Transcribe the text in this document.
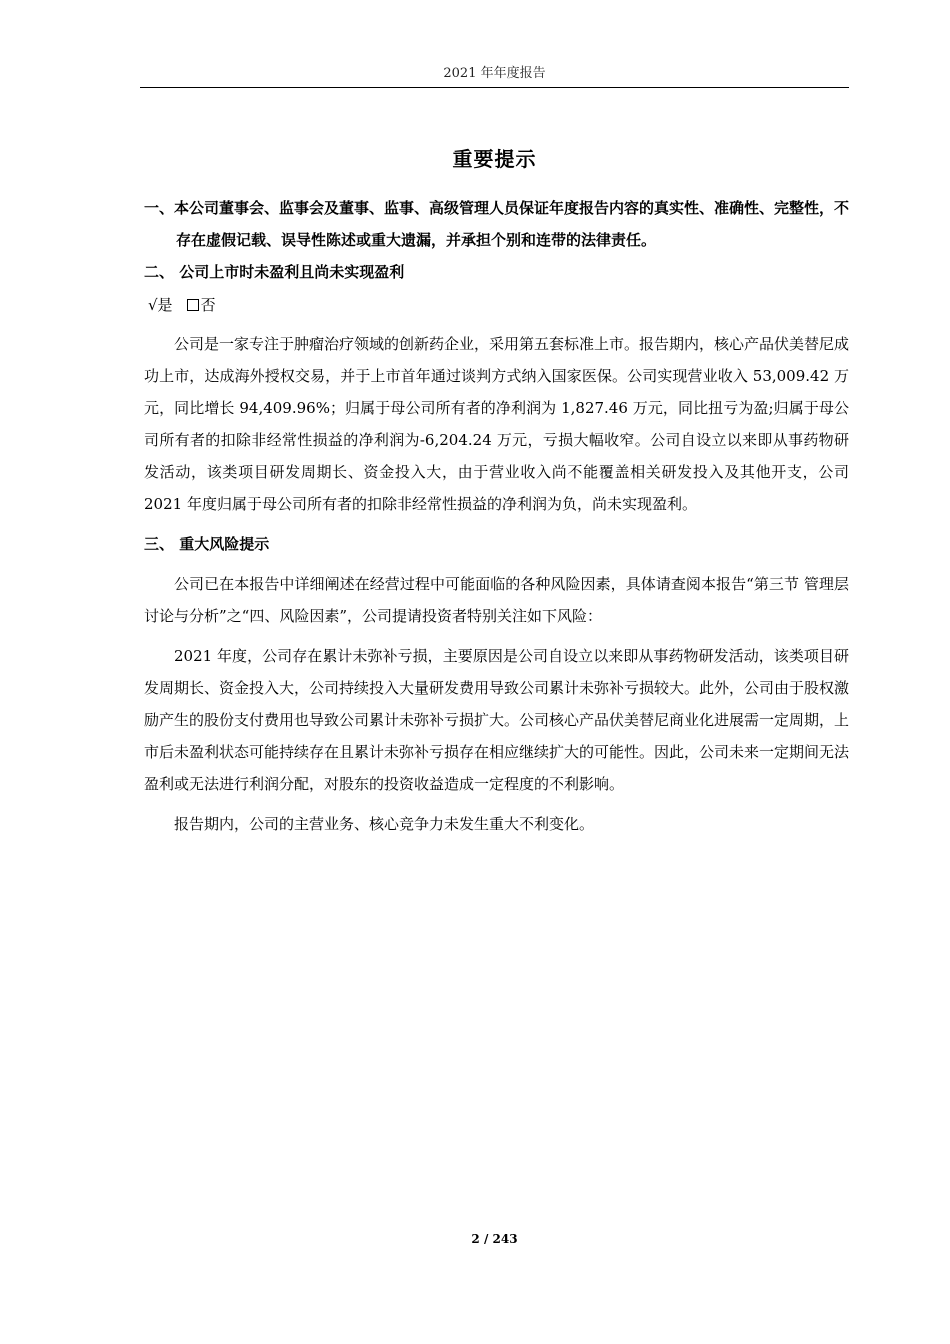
2021 年年度报告
重要提示

一、本公司董事会、监事会及董事、监事、高级管理人员保证年度报告内容的真实性、准确性、完整性，不存在虚假记载、误导性陈述或重大遗漏，并承担个别和连带的法律责任。

二、 公司上市时未盈利且尚未实现盈利

√是 否

公司是一家专注于肿瘤治疗领域的创新药企业，采用第五套标准上市。报告期内，核心产品伏美替尼成功上市，达成海外授权交易，并于上市首年通过谈判方式纳入国家医保。公司实现营业收入 53,009.42 万元，同比增长 94,409.96%；归属于母公司所有者的净利润为 1,827.46 万元，同比扭亏为盈;归属于母公司所有者的扣除非经常性损益的净利润为-6,204.24 万元，亏损大幅收窄。公司自设立以来即从事药物研发活动，该类项目研发周期长、资金投入大，由于营业收入尚不能覆盖相关研发投入及其他开支，公司 2021 年度归属于母公司所有者的扣除非经常性损益的净利润为负，尚未实现盈利。

三、 重大风险提示

公司已在本报告中详细阐述在经营过程中可能面临的各种风险因素，具体请查阅本报告“第三节 管理层讨论与分析”之“四、风险因素”，公司提请投资者特别关注如下风险：

2021 年度，公司存在累计未弥补亏损，主要原因是公司自设立以来即从事药物研发活动，该类项目研发周期长、资金投入大，公司持续投入大量研发费用导致公司累计未弥补亏损较大。此外，公司由于股权激励产生的股份支付费用也导致公司累计未弥补亏损扩大。公司核心产品伏美替尼商业化进展需一定周期，上市后未盈利状态可能持续存在且累计未弥补亏损存在相应继续扩大的可能性。因此，公司未来一定期间无法盈利或无法进行利润分配，对股东的投资收益造成一定程度的不利影响。

报告期内，公司的主营业务、核心竞争力未发生重大不利变化。

2 / 243
